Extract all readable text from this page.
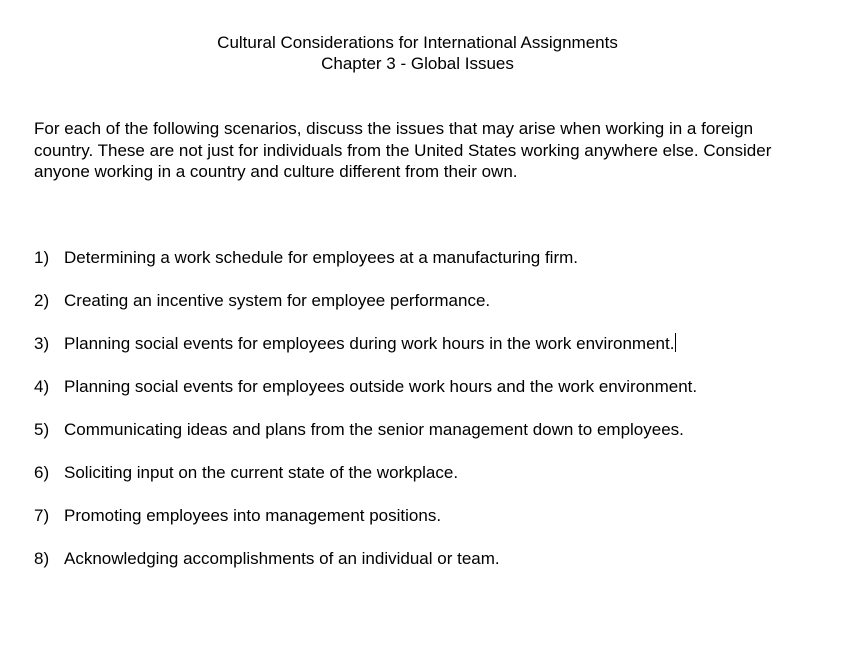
Cultural Considerations for International Assignments
Chapter 3 - Global Issues

For each of the following scenarios, discuss the issues that may arise when working in a foreign country. These are not just for individuals from the United States working anywhere else. Consider anyone working in a country and culture different from their own.

1) Determining a work schedule for employees at a manufacturing firm.
2) Creating an incentive system for employee performance.
3) Planning social events for employees during work hours in the work environment.
4) Planning social events for employees outside work hours and the work environment.
5) Communicating ideas and plans from the senior management down to employees.
6) Soliciting input on the current state of the workplace.
7) Promoting employees into management positions.
8) Acknowledging accomplishments of an individual or team.
